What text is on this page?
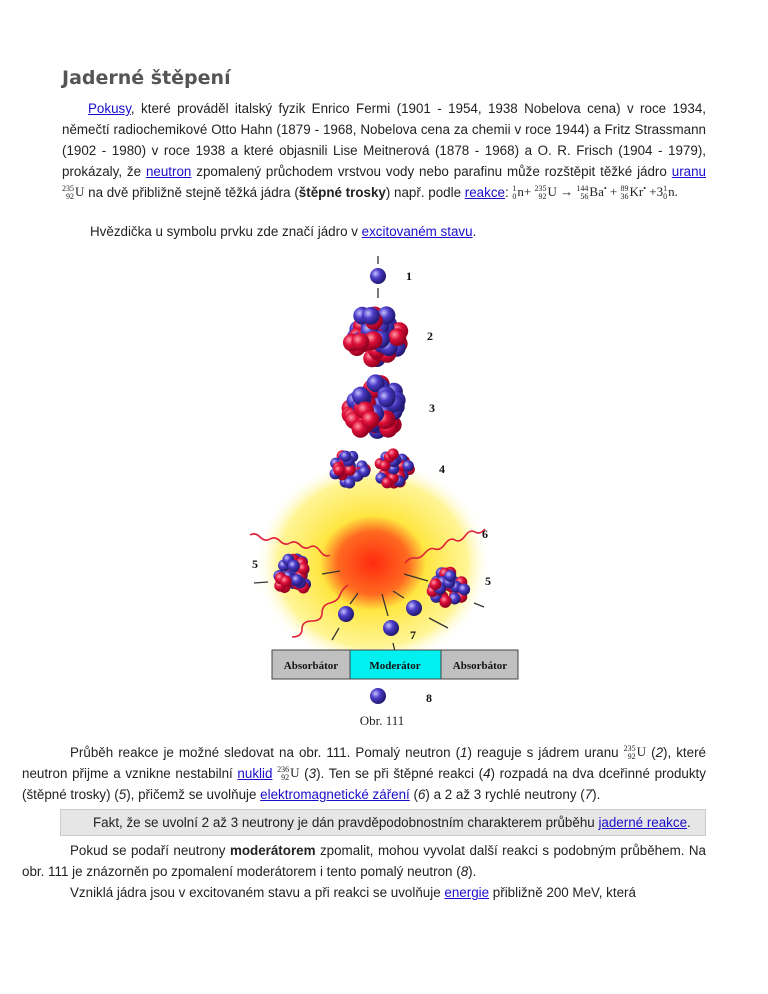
Jaderné štěpení

Pokusy, které prováděl italský fyzik Enrico Fermi (1901 - 1954, 1938 Nobelova cena) v roce 1934, němečtí radiochemikové Otto Hahn (1879 - 1968, Nobelova cena za chemii v roce 1944) a Fritz Strassmann (1902 - 1980) v roce 1938 a které objasnili Lise Meitnerová (1878 - 1968) a O. R. Frisch (1904 - 1979), prokázaly, že neutron zpomalený průchodem vrstvou vody nebo parafinu může rozštěpit těžké jádro uranu
235
92 U na dvě přibližně stejně těžká jádra (štěpné trosky) např. podle reakce: 1
0 n+ 235
92 U → 144
56 Ba• + 89
36 Kr• +3 1
0 n.

Hvězdička u symbolu prvku zde značí jádro v excitovaném stavu.

Absorbátor	Moderátor	Absorbátor
1
2
3
4
5
6
5
7
8
Obr. 111

Průběh reakce je možné sledovat na obr. 111. Pomalý neutron (1) reaguje s jádrem uranu 235
92 U (2), které neutron přijme a vznikne nestabilní nuklid 236
92 U (3). Ten se při štěpné reakci (4) rozpadá na dva dceřinné produkty (štěpné trosky) (5), přičemž se uvolňuje elektromagnetické záření (6) a 2 až 3 rychlé neutrony (7).

Fakt, že se uvolní 2 až 3 neutrony je dán pravděpodobnostním charakterem průběhu jaderné reakce.

Pokud se podaří neutrony moderátorem zpomalit, mohou vyvolat další reakci s podobným průběhem. Na obr. 111 je znázorněn po zpomalení moderátorem i tento pomalý neutron (8).

Vzniklá jádra jsou v excitovaném stavu a při reakci se uvolňuje energie přibližně 200 MeV, která
